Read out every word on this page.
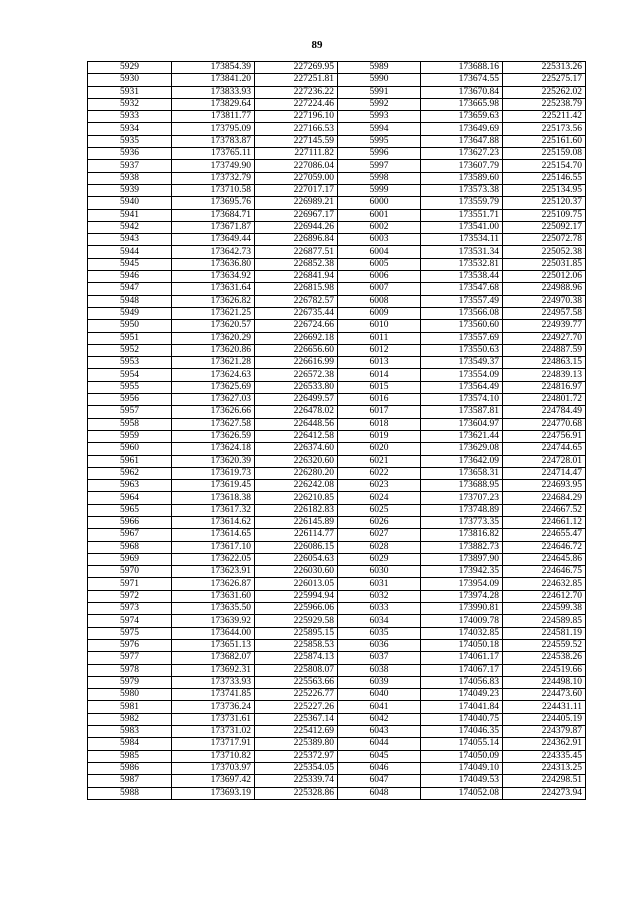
89
5929	173854.39	227269.95	5989	173688.16	225313.26
5930	173841.20	227251.81	5990	173674.55	225275.17
5931	173833.93	227236.22	5991	173670.84	225262.02
5932	173829.64	227224.46	5992	173665.98	225238.79
5933	173811.77	227196.10	5993	173659.63	225211.42
5934	173795.09	227166.53	5994	173649.69	225173.56
5935	173783.87	227145.59	5995	173647.88	225161.60
5936	173765.11	227111.82	5996	173627.23	225159.08
5937	173749.90	227086.04	5997	173607.79	225154.70
5938	173732.79	227059.00	5998	173589.60	225146.55
5939	173710.58	227017.17	5999	173573.38	225134.95
5940	173695.76	226989.21	6000	173559.79	225120.37
5941	173684.71	226967.17	6001	173551.71	225109.75
5942	173671.87	226944.26	6002	173541.00	225092.17
5943	173649.44	226896.84	6003	173534.11	225072.78
5944	173642.73	226877.51	6004	173531.34	225052.38
5945	173636.80	226852.38	6005	173532.81	225031.85
5946	173634.92	226841.94	6006	173538.44	225012.06
5947	173631.64	226815.98	6007	173547.68	224988.96
5948	173626.82	226782.57	6008	173557.49	224970.38
5949	173621.25	226735.44	6009	173566.08	224957.58
5950	173620.57	226724.66	6010	173560.60	224939.77
5951	173620.29	226692.18	6011	173557.69	224927.70
5952	173620.86	226656.60	6012	173550.63	224887.59
5953	173621.28	226616.99	6013	173549.37	224863.15
5954	173624.63	226572.38	6014	173554.09	224839.13
5955	173625.69	226533.80	6015	173564.49	224816.97
5956	173627.03	226499.57	6016	173574.10	224801.72
5957	173626.66	226478.02	6017	173587.81	224784.49
5958	173627.58	226448.56	6018	173604.97	224770.68
5959	173626.59	226412.58	6019	173621.44	224756.91
5960	173624.18	226374.60	6020	173629.08	224744.65
5961	173620.39	226320.60	6021	173642.09	224728.01
5962	173619.73	226280.20	6022	173658.31	224714.47
5963	173619.45	226242.08	6023	173688.95	224693.95
5964	173618.38	226210.85	6024	173707.23	224684.29
5965	173617.32	226182.83	6025	173748.89	224667.52
5966	173614.62	226145.89	6026	173773.35	224661.12
5967	173614.65	226114.77	6027	173816.82	224655.47
5968	173617.10	226086.15	6028	173882.73	224646.72
5969	173622.05	226054.63	6029	173897.90	224645.86
5970	173623.91	226030.60	6030	173942.35	224646.75
5971	173626.87	226013.05	6031	173954.09	224632.85
5972	173631.60	225994.94	6032	173974.28	224612.70
5973	173635.50	225966.06	6033	173990.81	224599.38
5974	173639.92	225929.58	6034	174009.78	224589.85
5975	173644.00	225895.15	6035	174032.85	224581.19
5976	173651.13	225858.53	6036	174050.18	224559.52
5977	173682.07	225874.13	6037	174061.17	224538.26
5978	173692.31	225808.07	6038	174067.17	224519.66
5979	173733.93	225563.66	6039	174056.83	224498.10
5980	173741.85	225226.77	6040	174049.23	224473.60
5981	173736.24	225227.26	6041	174041.84	224431.11
5982	173731.61	225367.14	6042	174040.75	224405.19
5983	173731.02	225412.69	6043	174046.35	224379.87
5984	173717.91	225389.80	6044	174055.14	224362.91
5985	173710.82	225372.97	6045	174050.09	224335.45
5986	173703.97	225354.05	6046	174049.10	224313.25
5987	173697.42	225339.74	6047	174049.53	224298.51
5988	173693.19	225328.86	6048	174052.08	224273.94
